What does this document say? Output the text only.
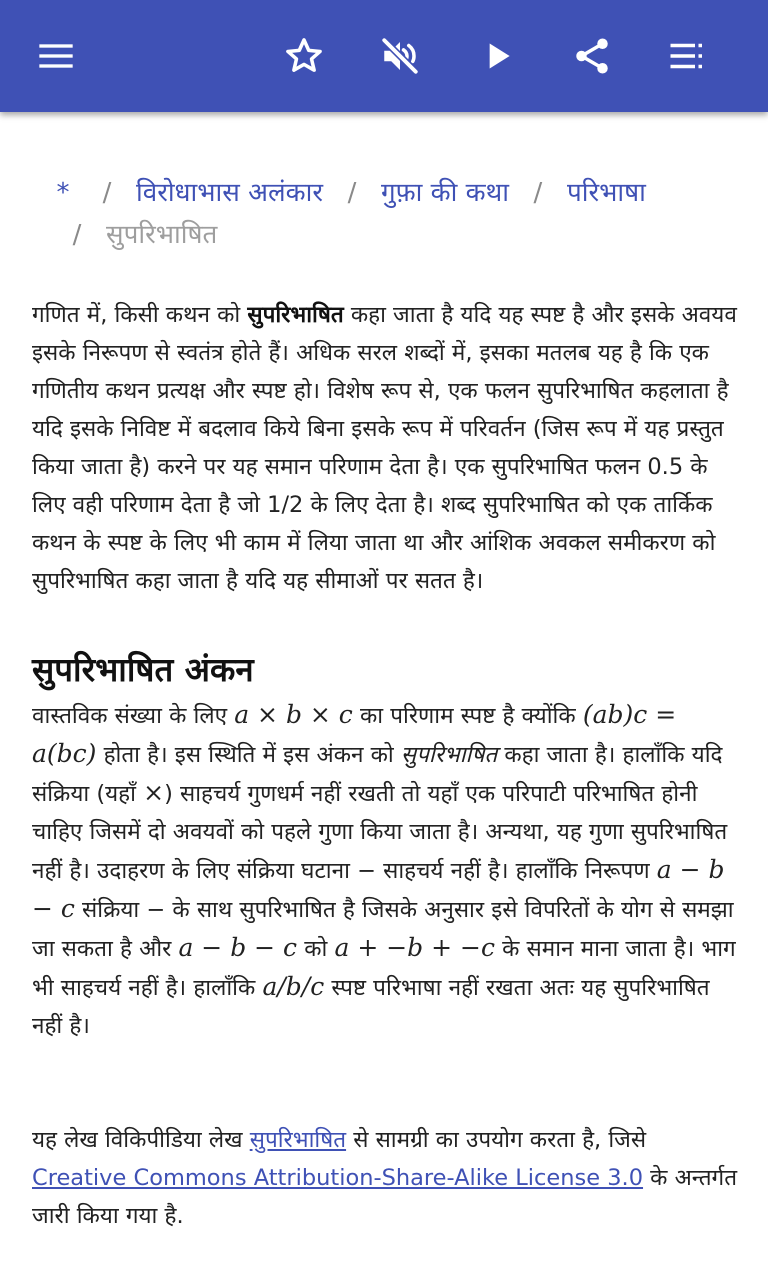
* / विरोधाभास अलंकार / गुफ़ा की कथा / परिभाषा
/ सुपरिभाषित

गणित में, किसी कथन को सुपरिभाषित कहा जाता है यदि यह स्पष्ट है और इसके अवयव इसके निरूपण से स्वतंत्र होते हैं। अधिक सरल शब्दों में, इसका मतलब यह है कि एक गणितीय कथन प्रत्यक्ष और स्पष्ट हो। विशेष रूप से, एक फलन सुपरिभाषित कहलाता है यदि इसके निविष्ट में बदलाव किये बिना इसके रूप में परिवर्तन (जिस रूप में यह प्रस्तुत किया जाता है) करने पर यह समान परिणाम देता है। एक सुपरिभाषित फलन 0.5 के लिए वही परिणाम देता है जो 1/2 के लिए देता है। शब्द सुपरिभाषित को एक तार्किक कथन के स्पष्ट के लिए भी काम में लिया जाता था और आंशिक अवकल समीकरण को सुपरिभाषित कहा जाता है यदि यह सीमाओं पर सतत है।

सुपरिभाषित अंकन

वास्तविक संख्या के लिए a × b × c का परिणाम स्पष्ट है क्योंकि (ab)c = a(bc) होता है। इस स्थिति में इस अंकन को सुपरिभाषित कहा जाता है। हालाँकि यदि संक्रिया (यहाँ ×) साहचर्य गुणधर्म नहीं रखती तो यहाँ एक परिपाटी परिभाषित होनी चाहिए जिसमें दो अवयवों को पहले गुणा किया जाता है। अन्यथा, यह गुणा सुपरिभाषित नहीं है। उदाहरण के लिए संक्रिया घटाना − साहचर्य नहीं है। हालाँकि निरूपण a − b − c संक्रिया − के साथ सुपरिभाषित है जिसके अनुसार इसे विपरितों के योग से समझा जा सकता है और a − b − c को a + −b + −c के समान माना जाता है। भाग भी साहचर्य नहीं है। हालाँकि a/b/c स्पष्ट परिभाषा नहीं रखता अतः यह सुपरिभाषित नहीं है।

यह लेख विकिपीडिया लेख सुपरिभाषित से सामग्री का उपयोग करता है, जिसे Creative Commons Attribution-Share-Alike License 3.0 के अन्तर्गत जारी किया गया है.
